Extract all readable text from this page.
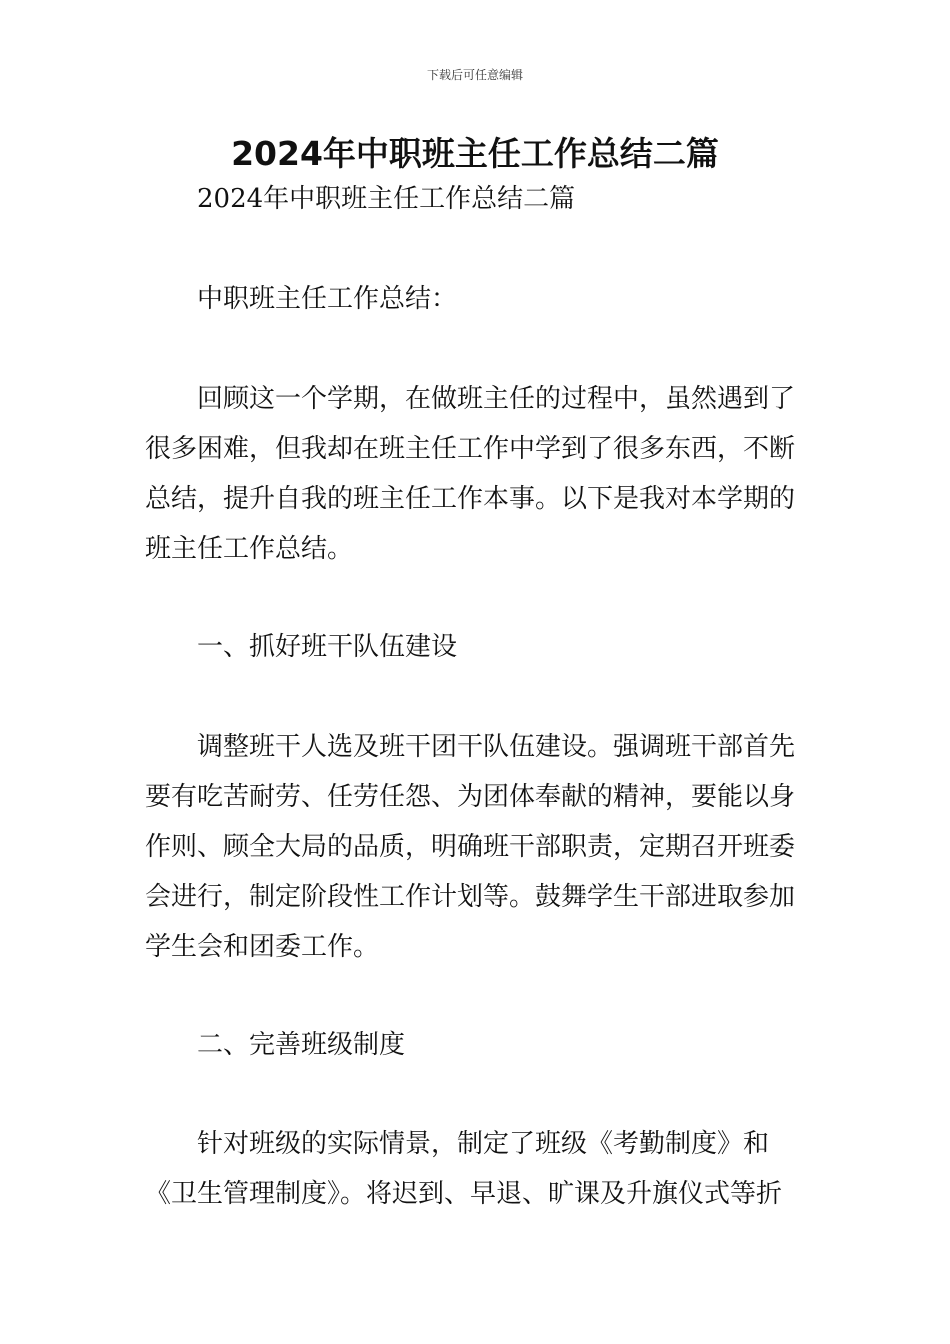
下载后可任意编辑
2024年中职班主任工作总结二篇
2024年中职班主任工作总结二篇
中职班主任工作总结：
回顾这一个学期，在做班主任的过程中，虽然遇到了
很多困难，但我却在班主任工作中学到了很多东西，不断
总结，提升自我的班主任工作本事。以下是我对本学期的
班主任工作总结。
一、抓好班干队伍建设
调整班干人选及班干团干队伍建设。强调班干部首先
要有吃苦耐劳、任劳任怨、为团体奉献的精神，要能以身
作则、顾全大局的品质，明确班干部职责，定期召开班委
会进行，制定阶段性工作计划等。鼓舞学生干部进取参加
学生会和团委工作。
二、完善班级制度
针对班级的实际情景，制定了班级《考勤制度》和
《卫生管理制度》。将迟到、早退、旷课及升旗仪式等折
